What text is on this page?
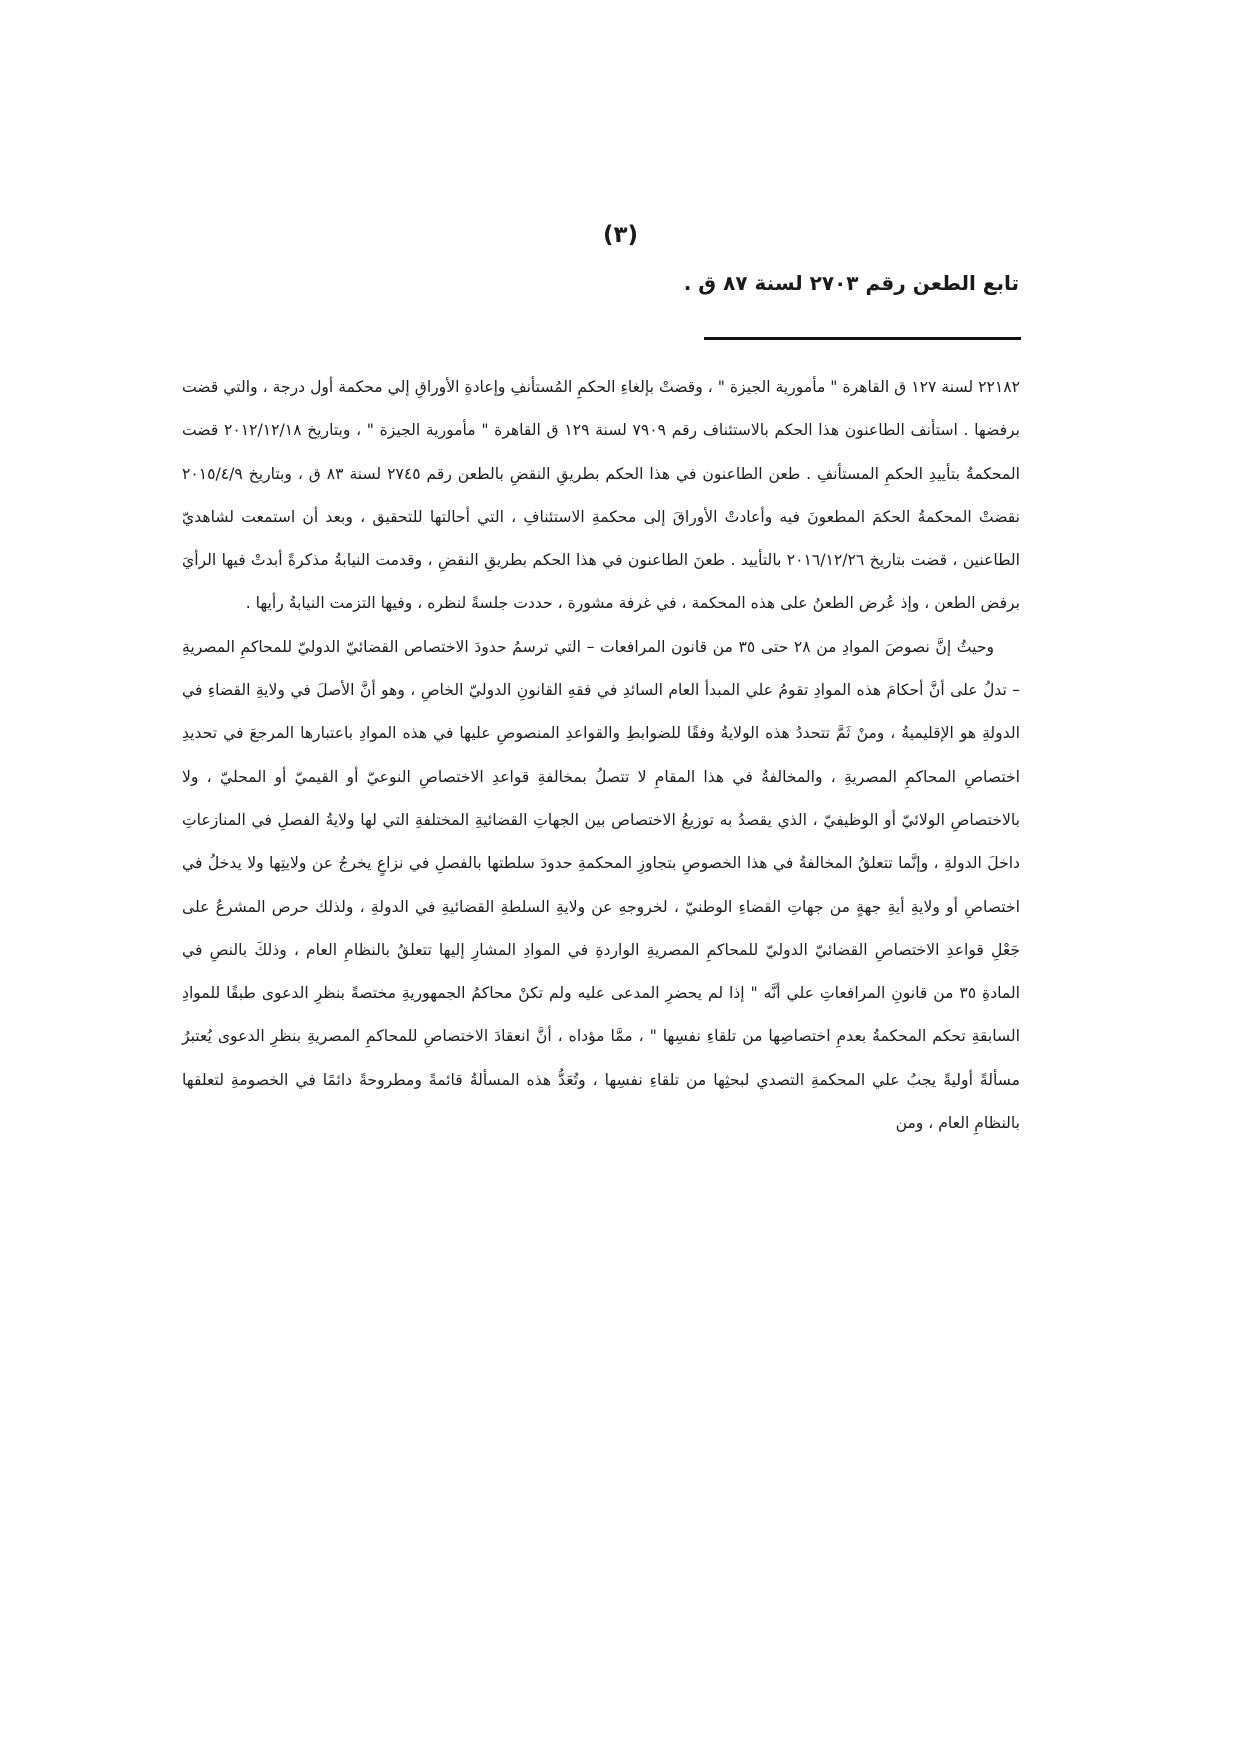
(٣)
تابع الطعن رقم ٢٧٠٣ لسنة ٨٧ ق .

٢٢١٨٢ لسنة ١٢٧ ق القاهرة " مأمورية الجيزة " ، وقضتْ بإلغاءِ الحكمِ المُستأنفِ وإعادةِ الأوراقِ إلي محكمة أول درجة ، والتي قضت برفضها . استأنف الطاعنون هذا الحكم بالاستئناف رقم ٧٩٠٩ لسنة ١٢٩ ق القاهرة " مأمورية الجيزة " ، وبتاريخ ٢٠١٢/١٢/١٨ قضت المحكمةُ بتأييدِ الحكمِ المستأنفِ . طعن الطاعنون في هذا الحكم بطريقِ النقضِ بالطعن رقم ٢٧٤٥ لسنة ٨٣ ق ، وبتاريخ ٢٠١٥/٤/٩ نقضتْ المحكمةُ الحكمَ المطعونَ فيه وأعادتْ الأوراقَ إلى محكمةِ الاستئنافِ ، التي أحالتها للتحقيق ، وبعد أن استمعت لشاهديّ الطاعنين ، قضت بتاريخ ٢٠١٦/١٢/٢٦ بالتأييد . طعنَ الطاعنون في هذا الحكم بطريقِ النقضِ ، وقدمت النيابةُ مذكرةً أبدتْ فيها الرأيَ برفض الطعن ، وإذ عُرض الطعنُ على هذه المحكمة ، في غرفة مشورة ، حددت جلسةً لنظره ، وفيها التزمت النيابةُ رأيها .

وحيثُ إنَّ نصوصَ الموادِ من ٢٨ حتى ٣٥ من قانون المرافعات – التي ترسمُ حدودَ الاختصاص القضائيّ الدوليّ للمحاكمِ المصريةِ – تدلُ على أنَّ أحكامَ هذه الموادِ تقومُ علي المبدأ العام السائدِ في فقهِ القانونِ الدوليّ الخاصِ ، وهو أنَّ الأصلَ في ولايةِ القضاءِ في الدولةِ هو الإقليميةُ ، ومنْ ثَمَّ تتحددُ هذه الولايةُ وفقًا للضوابطِ والقواعدِ المنصوصِ عليها في هذه الموادِ باعتبارها المرجعَ في تحديدِ اختصاصِ المحاكمِ المصريةِ ، والمخالفةُ في هذا المقامِ لا تتصلُ بمخالفةِ قواعدِ الاختصاصِ النوعيّ أو القيميّ أو المحليّ ، ولا بالاختصاصِ الولائيّ أو الوظيفيّ ، الذي يقصدُ به توزيعُ الاختصاص بين الجهاتِ القضائيةِ المختلفةِ التي لها ولايةُ الفصلِ في المنازعاتِ داخلَ الدولةِ ، وإنَّما تتعلقُ المخالفةُ في هذا الخصوصِ بتجاوزِ المحكمةِ حدودَ سلطتها بالفصلِ في نزاعٍ يخرجُ عن ولايتِها ولا يدخلُ في اختصاصِ أو ولايةِ أيةِ جهةٍ من جهاتِ القضاءِ الوطنيّ ، لخروجهِ عن ولايةِ السلطةِ القضائيةِ في الدولةِ ، ولذلك حرص المشرعُ على جَعْلِ قواعدِ الاختصاصِ القضائيّ الدوليّ للمحاكمِ المصريةِ الواردةِ في الموادِ المشارِ إليها تتعلقُ بالنظامِ العام ، وذلكَ بالنصِ في المادةِ ٣٥ من قانونِ المرافعاتِ علي أنَّه " إذا لم يحضرِ المدعى عليه ولم تكنْ محاكمُ الجمهوريةِ مختصةً بنظرِ الدعوى طبقًا للموادِ السابقةِ تحكم المحكمةُ بعدمِ اختصاصِها من تلقاءِ نفسِها " ، ممَّا مؤداه ، أنَّ انعقادَ الاختصاصِ للمحاكمِ المصريةِ بنظرِ الدعوى يُعتبرُ مسألةً أوليةً يجبُ علي المحكمةِ التصدي لبحثِها من تلقاءِ نفسِها ، وتُعَدُّ هذه المسألةُ قائمةً ومطروحةً دائمًا في الخصومةِ لتعلقها بالنظامِ العام ، ومن
